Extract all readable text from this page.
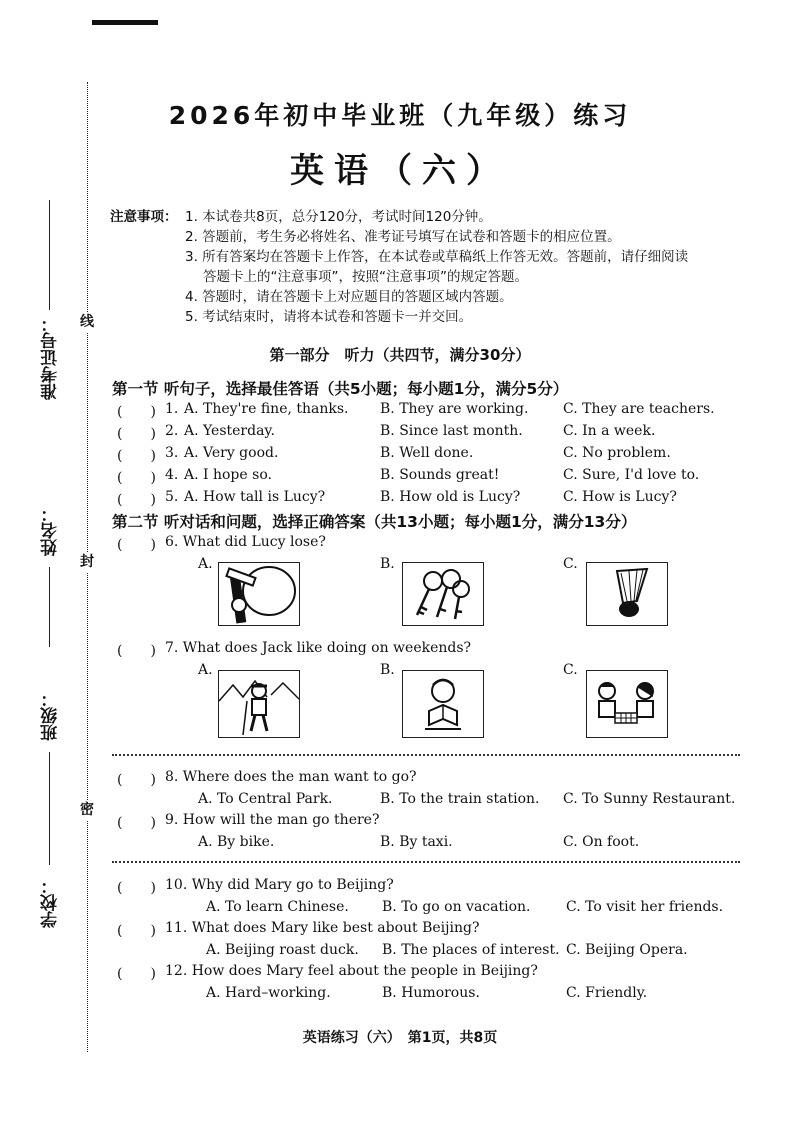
线
封
密
准考证号：
姓名：
班级：
学校：
2026年初中毕业班（九年级）练习
英语（六）
注意事项： 1. 本试卷共8页，总分120分，考试时间120分钟。
2. 答题前，考生务必将姓名、准考证号填写在试卷和答题卡的相应位置。
3. 所有答案均在答题卡上作答，在本试卷或草稿纸上作答无效。答题前，请仔细阅读
答题卡上的“注意事项”，按照“注意事项”的规定答题。
4. 答题时，请在答题卡上对应题目的答题区域内答题。
5. 考试结束时，请将本试卷和答题卡一并交回。
第一部分　听力（共四节，满分30分）
第一节 听句子，选择最佳答语（共5小题；每小题1分，满分5分）
(　　) 1. A. They're fine, thanks. B. They are working. C. They are teachers.
(　　) 2. A. Yesterday.	B. Since last month.	C. In a week.
(　　) 3. A. Very good.	B. Well done.	C. No problem.
(　　) 4. A. I hope so.	B. Sounds great!	C. Sure, I'd love to.
(　　) 5. A. How tall is Lucy?	B. How old is Lucy?	C. How is Lucy?
第二节 听对话和问题，选择正确答案（共13小题；每小题1分，满分13分）
(　　) 6. What did Lucy lose?
A.	B.	C.
(　　) 7. What does Jack like doing on weekends?
A.	B.	C.
(　　) 8. Where does the man want to go?
A. To Central Park.	B. To the train station. C. To Sunny Restaurant.
(　　) 9. How will the man go there?
A. By bike.	B. By taxi.	C. On foot.
(　　) 10. Why did Mary go to Beijing?
A. To learn Chinese. B. To go on vacation.	C. To visit her friends.
(　　) 11. What does Mary like best about Beijing?
A. Beijing roast duck. B. The places of interest. C. Beijing Opera.
(　　) 12. How does Mary feel about the people in Beijing?
A. Hard–working.	B. Humorous.	C. Friendly.
英语练习（六）　第1页，共8页
